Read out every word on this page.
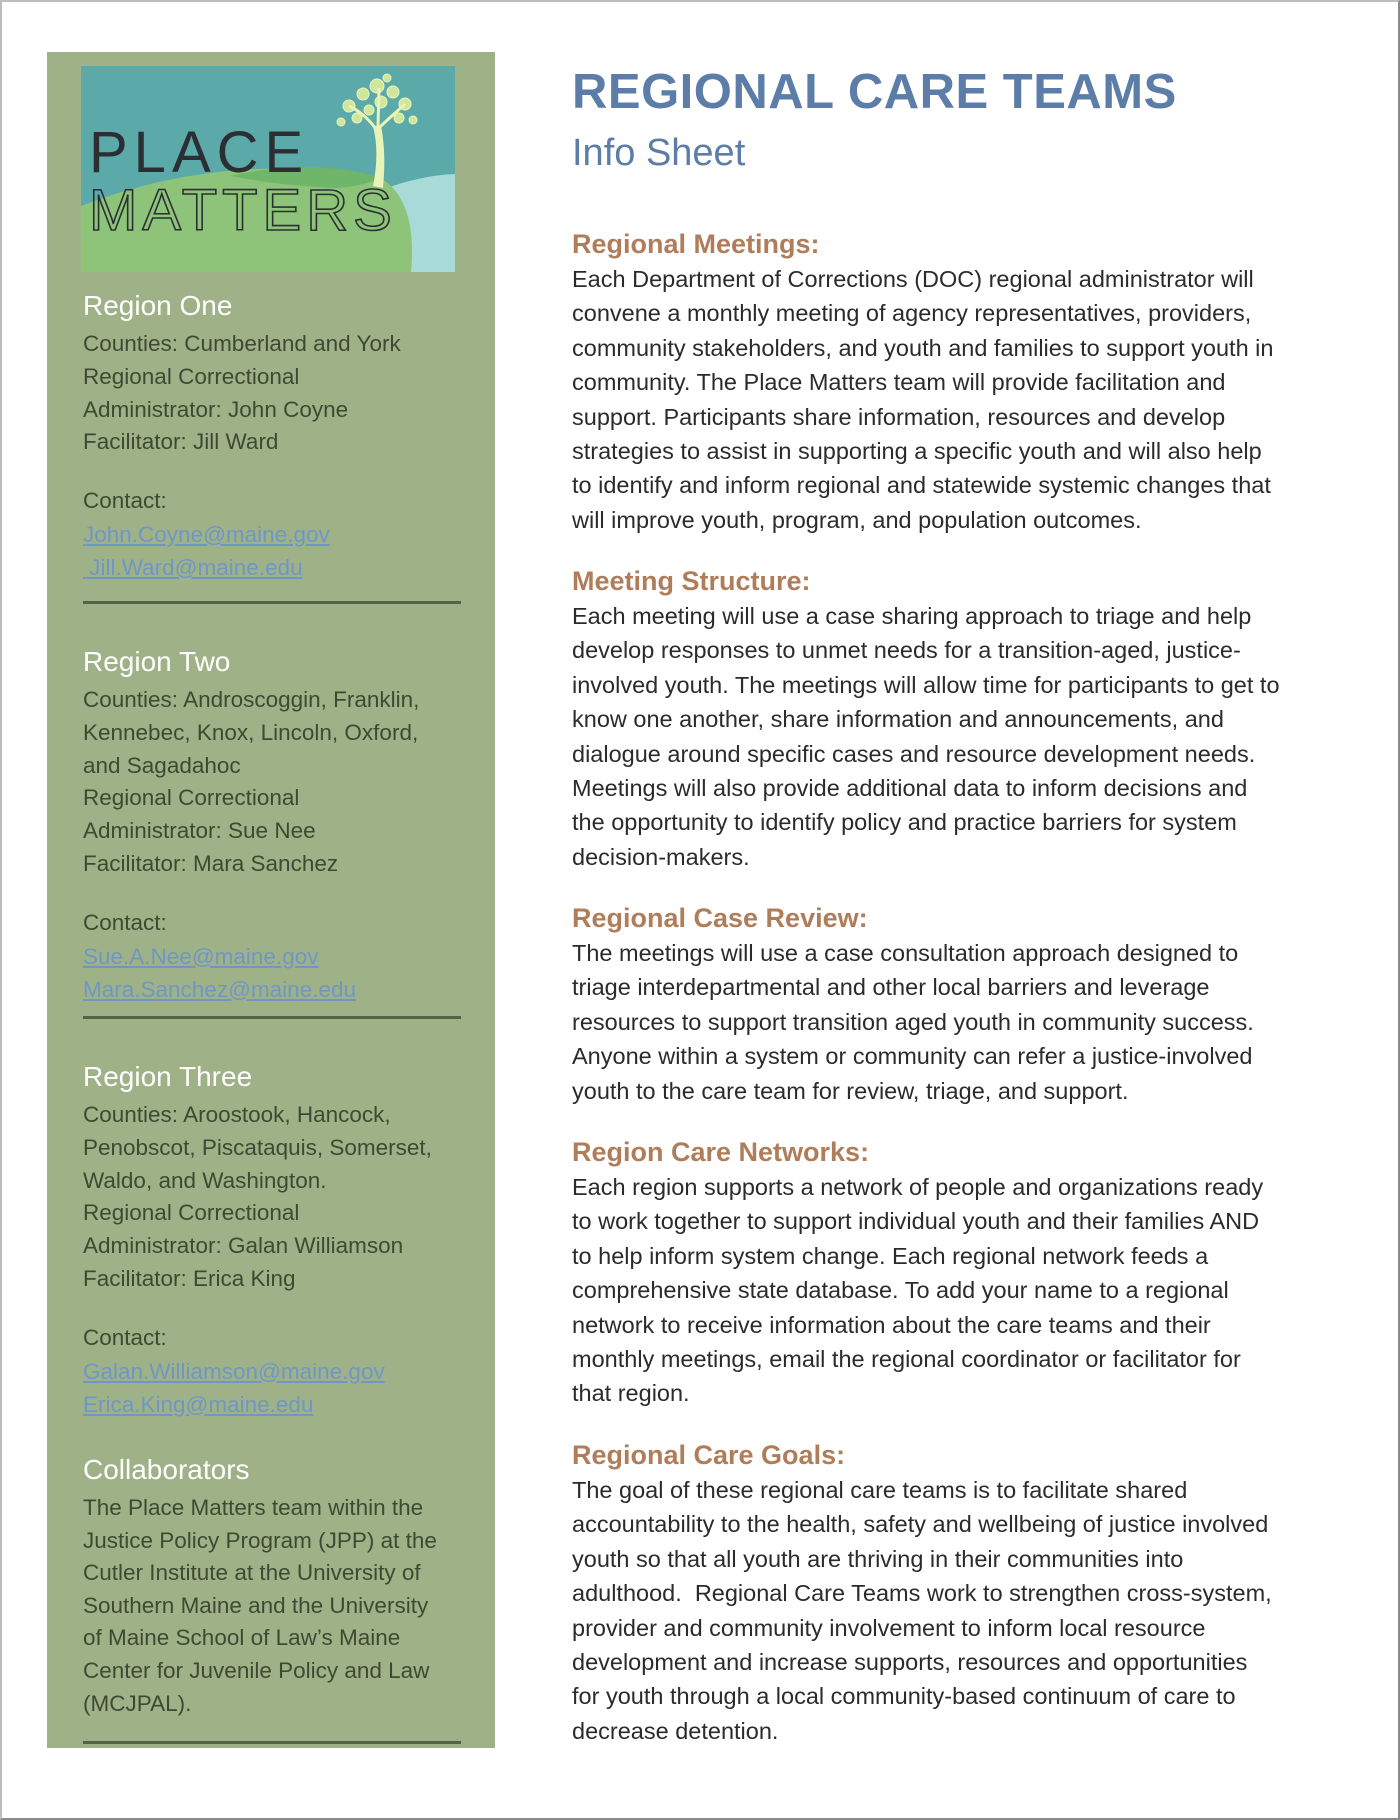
PLACE
MATTERS
Region One

Counties: Cumberland and York

Regional Correctional

Administrator: John Coyne

Facilitator: Jill Ward

Contact:

John.Coyne@maine.gov
Jill.Ward@maine.edu
Region Two

Counties: Androscoggin, Franklin,

Kennebec, Knox, Lincoln, Oxford,

and Sagadahoc

Regional Correctional

Administrator: Sue Nee

Facilitator: Mara Sanchez

Contact:

Sue.A.Nee@maine.gov
Mara.Sanchez@maine.edu
Region Three

Counties: Aroostook, Hancock,

Penobscot, Piscataquis, Somerset,

Waldo, and Washington.

Regional Correctional

Administrator: Galan Williamson

Facilitator: Erica King

Contact:

Galan.Williamson@maine.gov
Erica.King@maine.edu
Collaborators

The Place Matters team within the

Justice Policy Program (JPP) at the

Cutler Institute at the University of

Southern Maine and the University

of Maine School of Law’s Maine

Center for Juvenile Policy and Law

(MCJPAL).

REGIONAL CARE TEAMS
Info Sheet
Regional Meetings:

Each Department of Corrections (DOC) regional administrator will

convene a monthly meeting of agency representatives, providers,

community stakeholders, and youth and families to support youth in

community. The Place Matters team will provide facilitation and

support. Participants share information, resources and develop

strategies to assist in supporting a specific youth and will also help

to identify and inform regional and statewide systemic changes that

will improve youth, program, and population outcomes.

Meeting Structure:

Each meeting will use a case sharing approach to triage and help

develop responses to unmet needs for a transition-aged, justice-

involved youth. The meetings will allow time for participants to get to

know one another, share information and announcements, and

dialogue around specific cases and resource development needs.

Meetings will also provide additional data to inform decisions and

the opportunity to identify policy and practice barriers for system

decision-makers.

Regional Case Review:

The meetings will use a case consultation approach designed to

triage interdepartmental and other local barriers and leverage

resources to support transition aged youth in community success.

Anyone within a system or community can refer a justice-involved

youth to the care team for review, triage, and support.

Region Care Networks:

Each region supports a network of people and organizations ready

to work together to support individual youth and their families AND

to help inform system change. Each regional network feeds a

comprehensive state database. To add your name to a regional

network to receive information about the care teams and their

monthly meetings, email the regional coordinator or facilitator for

that region.

Regional Care Goals:

The goal of these regional care teams is to facilitate shared

accountability to the health, safety and wellbeing of justice involved

youth so that all youth are thriving in their communities into

adulthood.  Regional Care Teams work to strengthen cross-system,

provider and community involvement to inform local resource

development and increase supports, resources and opportunities

for youth through a local community-based continuum of care to

decrease detention.
